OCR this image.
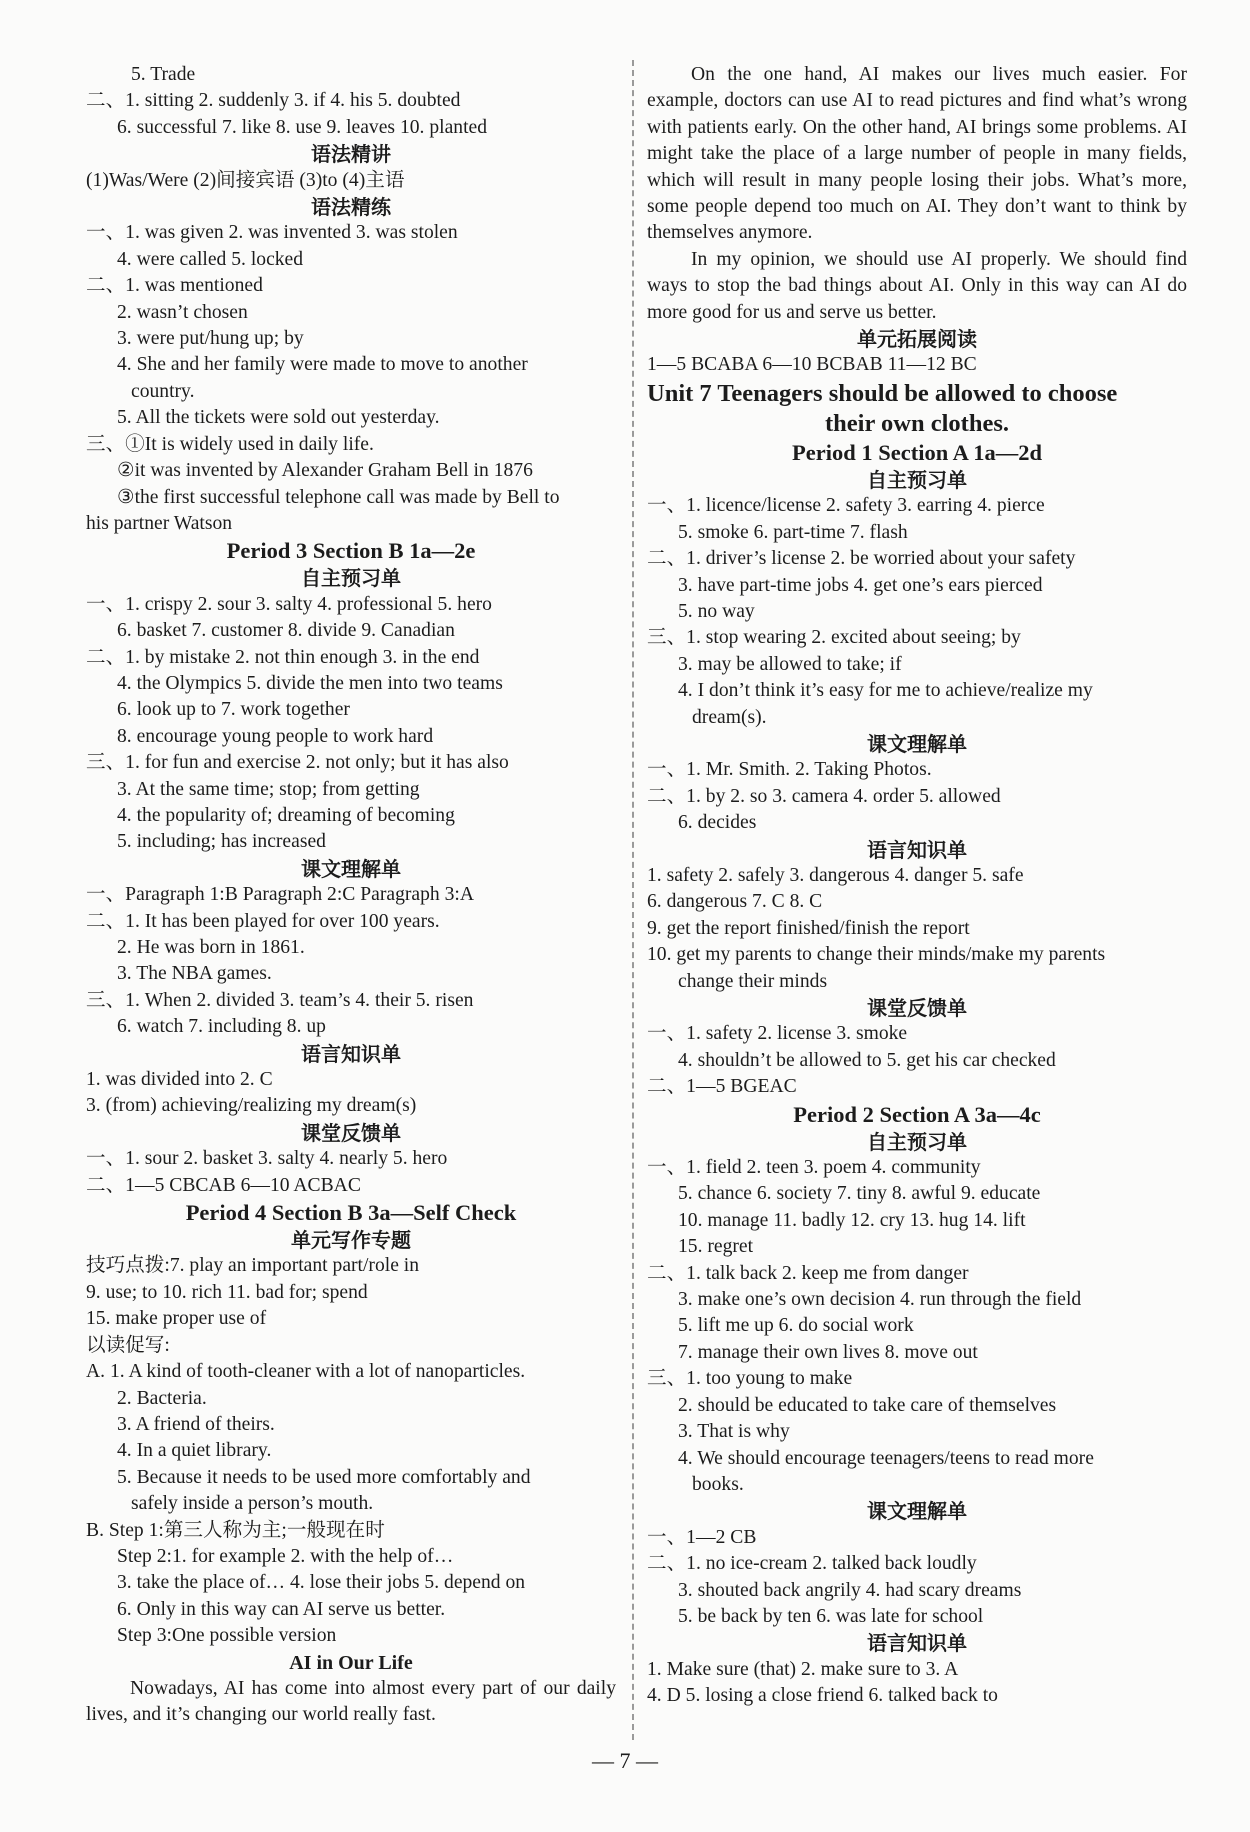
5. Trade
二、1. sitting 2. suddenly 3. if 4. his 5. doubted
6. successful 7. like 8. use 9. leaves 10. planted
语法精讲
(1)Was/Were (2)间接宾语 (3)to (4)主语
语法精练
一、1. was given 2. was invented 3. was stolen
4. were called 5. locked
二、1. was mentioned
2. wasn’t chosen
3. were put/hung up; by
4. She and her family were made to move to another
country.
5. All the tickets were sold out yesterday.
三、①It is widely used in daily life.
②it was invented by Alexander Graham Bell in 1876
③the first successful telephone call was made by Bell to
his partner Watson
Period 3 Section B 1a—2e
自主预习单
一、1. crispy 2. sour 3. salty 4. professional 5. hero
6. basket 7. customer 8. divide 9. Canadian
二、1. by mistake 2. not thin enough 3. in the end
4. the Olympics 5. divide the men into two teams
6. look up to 7. work together
8. encourage young people to work hard
三、1. for fun and exercise 2. not only; but it has also
3. At the same time; stop; from getting
4. the popularity of; dreaming of becoming
5. including; has increased
课文理解单
一、Paragraph 1:B Paragraph 2:C Paragraph 3:A
二、1. It has been played for over 100 years.
2. He was born in 1861.
3. The NBA games.
三、1. When 2. divided 3. team’s 4. their 5. risen
6. watch 7. including 8. up
语言知识单
1. was divided into 2. C
3. (from) achieving/realizing my dream(s)
课堂反馈单
一、1. sour 2. basket 3. salty 4. nearly 5. hero
二、1—5 CBCAB 6—10 ACBAC
Period 4 Section B 3a—Self Check
单元写作专题
技巧点拨:7. play an important part/role in
9. use; to 10. rich 11. bad for; spend
15. make proper use of
以读促写:
A. 1. A kind of tooth-cleaner with a lot of nanoparticles.
2. Bacteria.
3. A friend of theirs.
4. In a quiet library.
5. Because it needs to be used more comfortably and
safely inside a person’s mouth.
B. Step 1:第三人称为主;一般现在时
Step 2:1. for example 2. with the help of…
3. take the place of… 4. lose their jobs 5. depend on
6. Only in this way can AI serve us better.
Step 3:One possible version
AI in Our Life
Nowadays, AI has come into almost every part of our daily lives, and it’s changing our world really fast.
On the one hand, AI makes our lives much easier. For example, doctors can use AI to read pictures and find what’s wrong with patients early. On the other hand, AI brings some problems. AI might take the place of a large number of people in many fields, which will result in many people losing their jobs. What’s more, some people depend too much on AI. They don’t want to think by themselves anymore.
In my opinion, we should use AI properly. We should find ways to stop the bad things about AI. Only in this way can AI do more good for us and serve us better.
单元拓展阅读
1—5 BCABA 6—10 BCBAB 11—12 BC
Unit 7 Teenagers should be allowed to choose
their own clothes.
Period 1 Section A 1a—2d
自主预习单
一、1. licence/license 2. safety 3. earring 4. pierce
5. smoke 6. part-time 7. flash
二、1. driver’s license 2. be worried about your safety
3. have part-time jobs 4. get one’s ears pierced
5. no way
三、1. stop wearing 2. excited about seeing; by
3. may be allowed to take; if
4. I don’t think it’s easy for me to achieve/realize my
dream(s).
课文理解单
一、1. Mr. Smith. 2. Taking Photos.
二、1. by 2. so 3. camera 4. order 5. allowed
6. decides
语言知识单
1. safety 2. safely 3. dangerous 4. danger 5. safe
6. dangerous 7. C 8. C
9. get the report finished/finish the report
10. get my parents to change their minds/make my parents
change their minds
课堂反馈单
一、1. safety 2. license 3. smoke
4. shouldn’t be allowed to 5. get his car checked
二、1—5 BGEAC
Period 2 Section A 3a—4c
自主预习单
一、1. field 2. teen 3. poem 4. community
5. chance 6. society 7. tiny 8. awful 9. educate
10. manage 11. badly 12. cry 13. hug 14. lift
15. regret
二、1. talk back 2. keep me from danger
3. make one’s own decision 4. run through the field
5. lift me up 6. do social work
7. manage their own lives 8. move out
三、1. too young to make
2. should be educated to take care of themselves
3. That is why
4. We should encourage teenagers/teens to read more
books.
课文理解单
一、1—2 CB
二、1. no ice-cream 2. talked back loudly
3. shouted back angrily 4. had scary dreams
5. be back by ten 6. was late for school
语言知识单
1. Make sure (that) 2. make sure to 3. A
4. D 5. losing a close friend 6. talked back to
— 7 —
